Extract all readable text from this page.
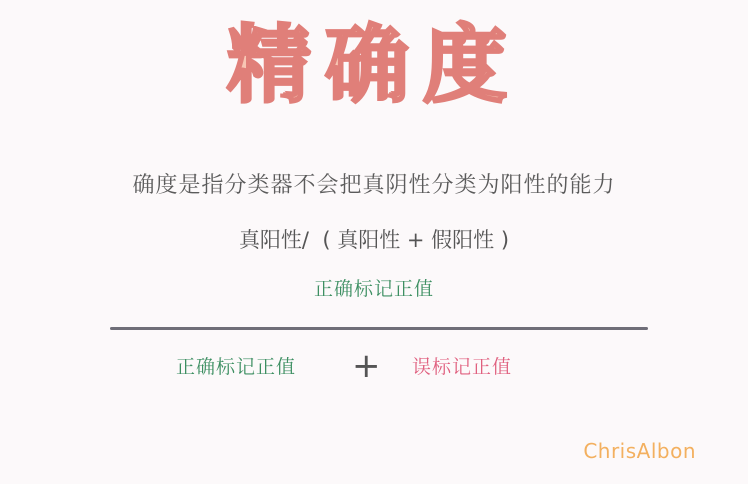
精确度
确度是指分类器不会把真阴性分类为阳性的能力
真阳性/  ( 真阳性 + 假阳性 )
正确标记正值
正确标记正值 + 误标记正值
ChrisAlbon
